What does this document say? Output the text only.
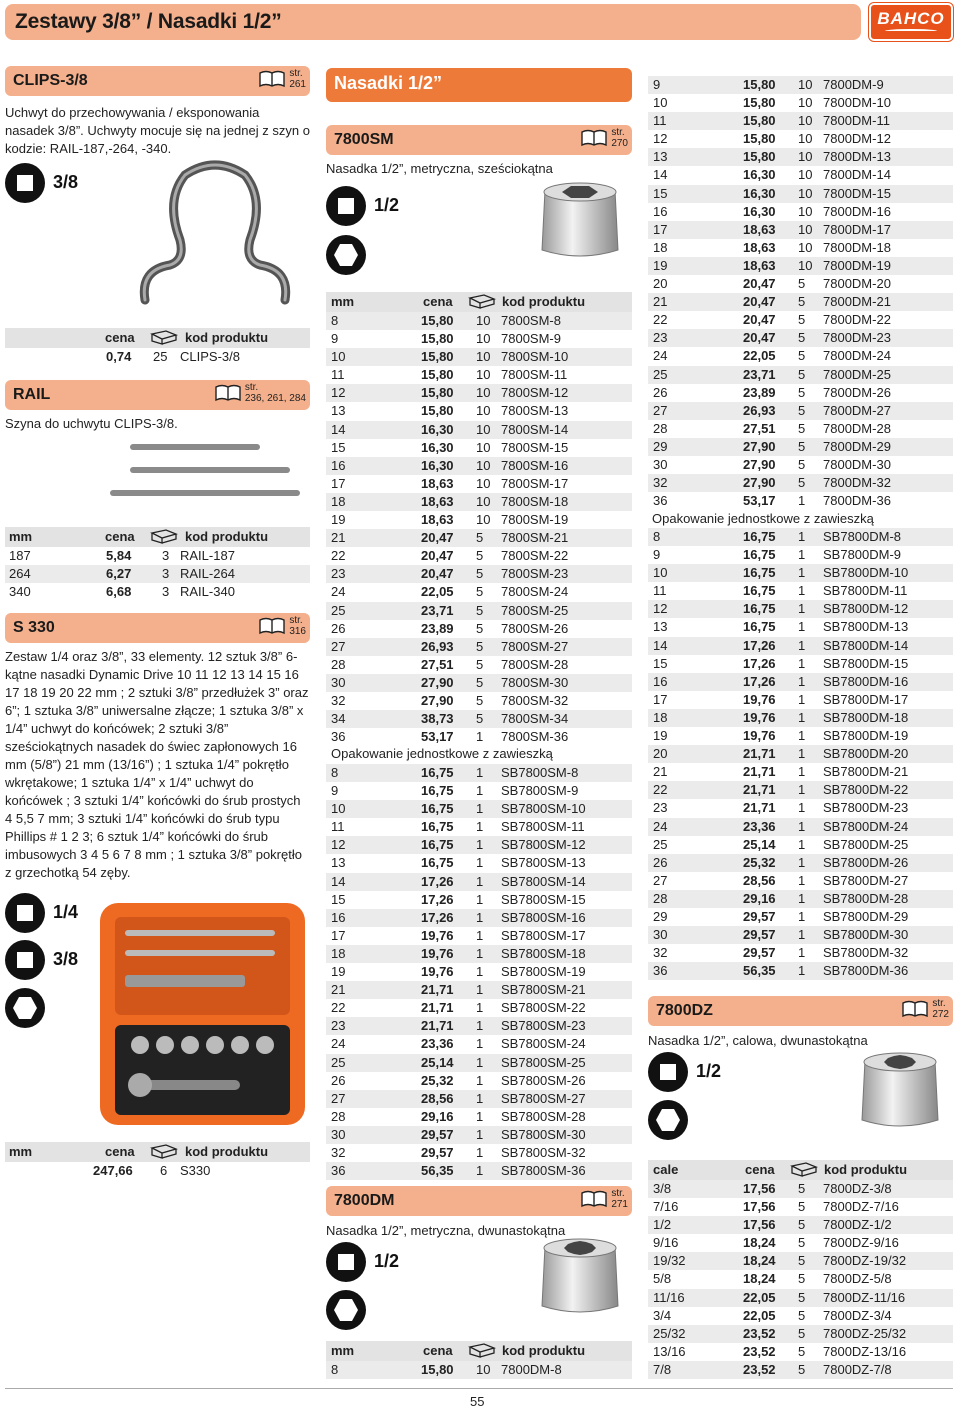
Zestawy 3/8” / Nasadki 1/2”	BAHCO
CLIPS-3/8	str.
261
Uchwyt do przechowywania / eksponowania nasadek 3/8”. Uchwyty mocuje się na jednej z szyn o kodzie: RAIL-187,-264, -340.
3/8
cena	kod produktu
0,74 25 CLIPS-3/8
RAIL	str.
236, 261, 284
Szyna do uchwytu CLIPS-3/8.
mm	cena	kod produktu
187	5,84 3 RAIL-187
264	6,27 3 RAIL-264
340	6,68 3 RAIL-340
S 330	str.
316
Zestaw 1/4 oraz 3/8”, 33 elementy. 12 sztuk 3/8” 6-kątne nasadki Dynamic Drive 10 11 12 13 14 15 16 17 18 19 20 22 mm ; 2 sztuki 3/8” przedłużek 3” oraz 6”; 1 sztuka 3/8” uniwersalne złącze; 1 sztuka 3/8” x 1/4” uchwyt do końcówek; 2 sztuki 3/8” sześciokątnych nasadek do świec zapłonowych 16 mm (5/8”) 21 mm (13/16”) ; 1 sztuka 1/4” pokrętło wkrętakowe; 1 sztuka 1/4” x 1/4” uchwyt do końcówek ; 3 sztuki 1/4” końcówki do śrub prostych 4 5,5 7 mm; 3 sztuki 1/4” końcówki do śrub typu Phillips # 1 2 3; 6 sztuk 1/4” końcówki do śrub imbusowych 3 4 5 6 7 8 mm ; 1 sztuka 3/8” pokrętło z grzechotką 54 zęby.
1/4
3/8
mm	cena	kod produktu
247,66 6 S330
Nasadki 1/2”
7800SM	str.
270
Nasadka 1/2”, metryczna, sześciokątna
1/2
mm	cena	kod produktu
8	15,80 10 7800SM-8
9	15,80 10 7800SM-9
10	15,80 10 7800SM-10
11	15,80 10 7800SM-11
12	15,80 10 7800SM-12
13	15,80 10 7800SM-13
14	16,30 10 7800SM-14
15	16,30 10 7800SM-15
16	16,30 10 7800SM-16
17	18,63 10 7800SM-17
18	18,63 10 7800SM-18
19	18,63 10 7800SM-19
21	20,47 5 7800SM-21
22	20,47 5 7800SM-22
23	20,47 5 7800SM-23
24	22,05 5 7800SM-24
25	23,71 5 7800SM-25
26	23,89 5 7800SM-26
27	26,93 5 7800SM-27
28	27,51 5 7800SM-28
30	27,90 5 7800SM-30
32	27,90 5 7800SM-32
34	38,73 5 7800SM-34
36	53,17 1 7800SM-36
Opakowanie jednostkowe z zawieszką
8	16,75 1 SB7800SM-8
9	16,75 1 SB7800SM-9
10	16,75 1 SB7800SM-10
11	16,75 1 SB7800SM-11
12	16,75 1 SB7800SM-12
13	16,75 1 SB7800SM-13
14	17,26 1 SB7800SM-14
15	17,26 1 SB7800SM-15
16	17,26 1 SB7800SM-16
17	19,76 1 SB7800SM-17
18	19,76 1 SB7800SM-18
19	19,76 1 SB7800SM-19
21	21,71 1 SB7800SM-21
22	21,71 1 SB7800SM-22
23	21,71 1 SB7800SM-23
24	23,36 1 SB7800SM-24
25	25,14 1 SB7800SM-25
26	25,32 1 SB7800SM-26
27	28,56 1 SB7800SM-27
28	29,16 1 SB7800SM-28
30	29,57 1 SB7800SM-30
32	29,57 1 SB7800SM-32
36	56,35 1 SB7800SM-36
7800DM	str.
271
Nasadka 1/2”, metryczna, dwunastokątna
1/2
mm	cena	kod produktu
8	15,80 10 7800DM-8
9	15,80 10 7800DM-9
10	15,80 10 7800DM-10
11	15,80 10 7800DM-11
12	15,80 10 7800DM-12
13	15,80 10 7800DM-13
14	16,30 10 7800DM-14
15	16,30 10 7800DM-15
16	16,30 10 7800DM-16
17	18,63 10 7800DM-17
18	18,63 10 7800DM-18
19	18,63 10 7800DM-19
20	20,47 5 7800DM-20
21	20,47 5 7800DM-21
22	20,47 5 7800DM-22
23	20,47 5 7800DM-23
24	22,05 5 7800DM-24
25	23,71 5 7800DM-25
26	23,89 5 7800DM-26
27	26,93 5 7800DM-27
28	27,51 5 7800DM-28
29	27,90 5 7800DM-29
30	27,90 5 7800DM-30
32	27,90 5 7800DM-32
36	53,17 1 7800DM-36
Opakowanie jednostkowe z zawieszką
8	16,75 1 SB7800DM-8
9	16,75 1 SB7800DM-9
10	16,75 1 SB7800DM-10
11	16,75 1 SB7800DM-11
12	16,75 1 SB7800DM-12
13	16,75 1 SB7800DM-13
14	17,26 1 SB7800DM-14
15	17,26 1 SB7800DM-15
16	17,26 1 SB7800DM-16
17	19,76 1 SB7800DM-17
18	19,76 1 SB7800DM-18
19	19,76 1 SB7800DM-19
20	21,71 1 SB7800DM-20
21	21,71 1 SB7800DM-21
22	21,71 1 SB7800DM-22
23	21,71 1 SB7800DM-23
24	23,36 1 SB7800DM-24
25	25,14 1 SB7800DM-25
26	25,32 1 SB7800DM-26
27	28,56 1 SB7800DM-27
28	29,16 1 SB7800DM-28
29	29,57 1 SB7800DM-29
30	29,57 1 SB7800DM-30
32	29,57 1 SB7800DM-32
36	56,35 1 SB7800DM-36
7800DZ	str.
272
Nasadka 1/2”, calowa, dwunastokątna
1/2
cale	cena	kod produktu
3/8	17,56 5 7800DZ-3/8
7/16	17,56 5 7800DZ-7/16
1/2	17,56 5 7800DZ-1/2
9/16	18,24 5 7800DZ-9/16
19/32	18,24 5 7800DZ-19/32
5/8	18,24 5 7800DZ-5/8
11/16	22,05 5 7800DZ-11/16
3/4	22,05 5 7800DZ-3/4
25/32	23,52 5 7800DZ-25/32
13/16	23,52 5 7800DZ-13/16
7/8	23,52 5 7800DZ-7/8
55
